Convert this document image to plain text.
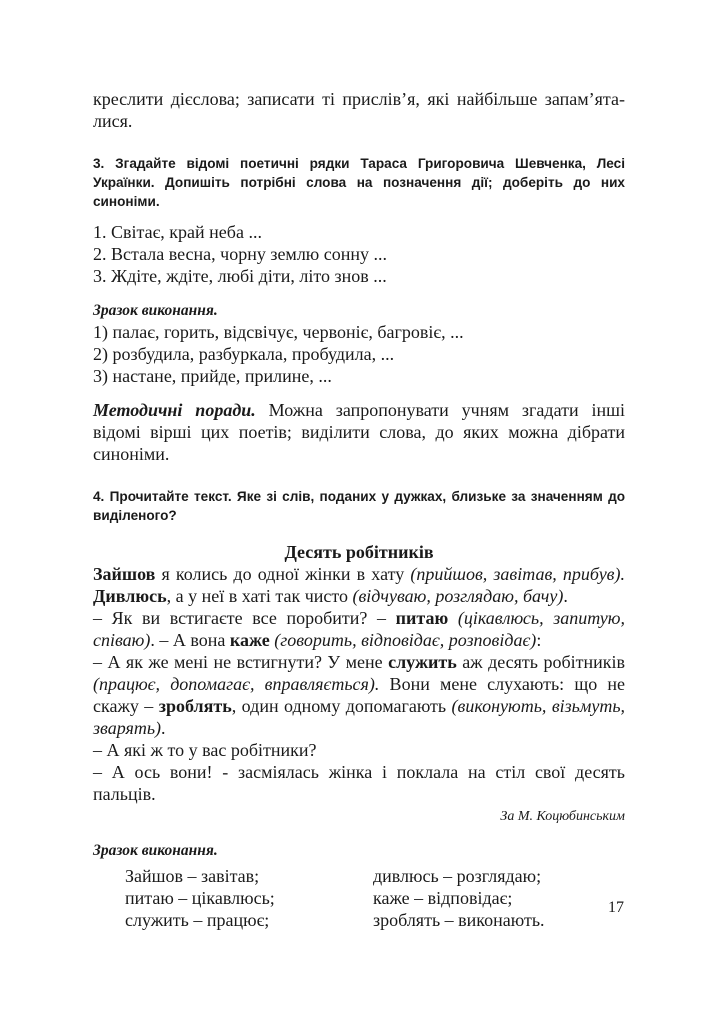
креслити дієслова; записати ті прислів’я, які найбільше запам’ята-лися.

3. Згадайте відомі поетичні рядки Тараса Григоровича Шевченка, Лесі Українки. Допишіть потрібні слова на позначення дії; доберіть до них синоніми.

1. Світає, край неба ...
2. Встала весна, чорну землю сонну ...
3. Ждіте, ждіте, любі діти, літо знов ...
Зразок виконання.
1) палає, горить, відсвічує, червоніє, багровіє, ...
2) розбудила, разбуркала, пробудила, ...
3) настане, прийде, прилине, ...

Методичні поради. Можна запропонувати учням згадати інші відомі вірші цих поетів; виділити слова, до яких можна дібрати синоніми.

4. Прочитайте текст. Яке зі слів, поданих у дужках, близьке за значенням до виділеного?

Десять робітників

Зайшов я колись до одної жінки в хату (прийшов, завітав, прибув). Дивлюсь, а у неї в хаті так чисто (відчуваю, розглядаю, бачу).

– Як ви встигаєте все поробити? – питаю (цікавлюсь, запитую, співаю). – А вона каже (говорить, відповідає, розповідає):

– А як же мені не встигнути? У мене служить аж десять робітників (працює, допомагає, вправляється). Вони мене слухають: що не скажу – зроблять, один одному допомагають (виконують, візьмуть, зварять).

– А які ж то у вас робітники?

– А ось вони! - засміялась жінка і поклала на стіл свої десять пальців.

За М. Коцюбинським
Зразок виконання.
Зайшов – завітав;	дивлюсь – розглядаю;
питаю – цікавлюсь;	каже – відповідає;
служить – працює;	зроблять – виконають.
17
